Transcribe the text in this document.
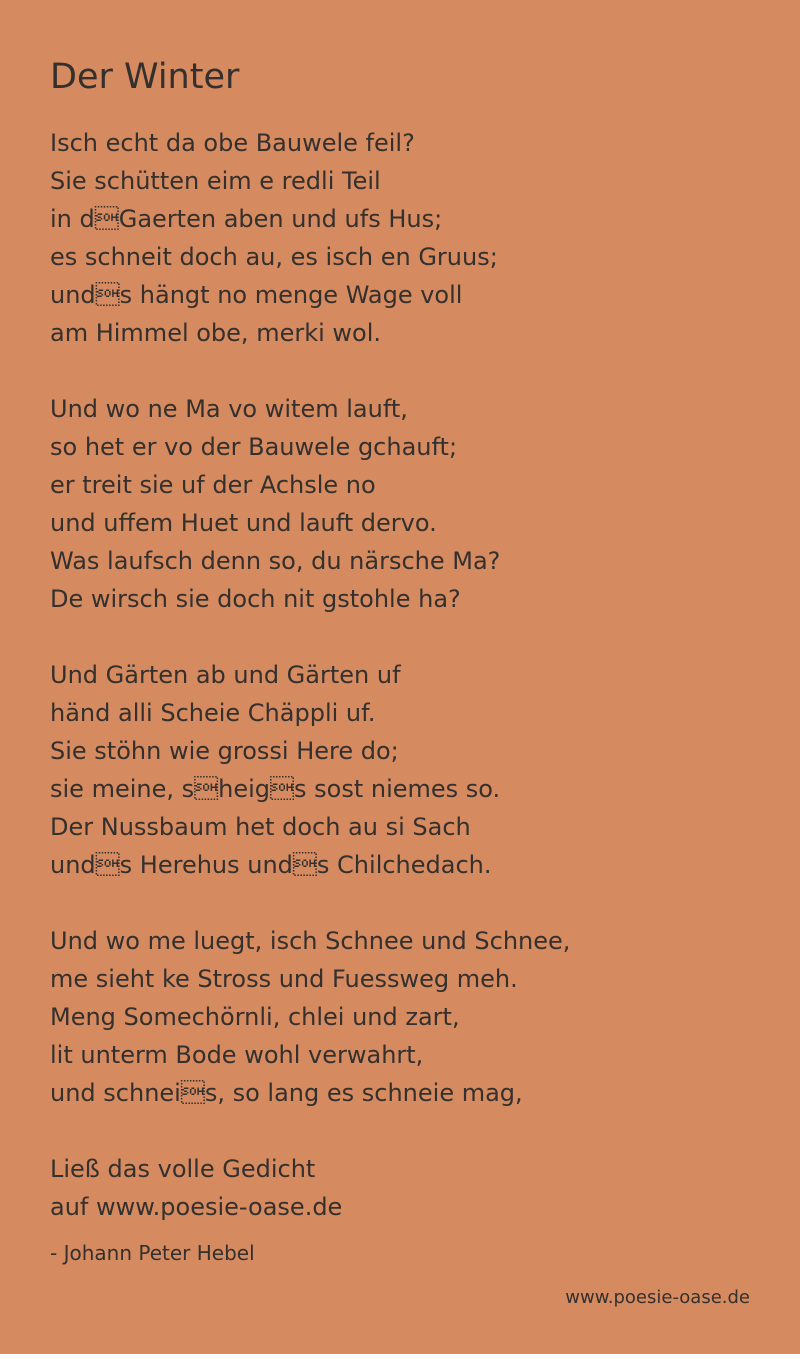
Der Winter
Isch echt da obe Bauwele feil?
Sie schütten eim e redli Teil
in dGaerten aben und ufs Hus;
es schneit doch au, es isch en Gruus;
unds hängt no menge Wage voll
am Himmel obe, merki wol.
Und wo ne Ma vo witem lauft,
so het er vo der Bauwele gchauft;
er treit sie uf der Achsle no
und uffem Huet und lauft dervo.
Was laufsch denn so, du närsche Ma?
De wirsch sie doch nit gstohle ha?
Und Gärten ab und Gärten uf
händ alli Scheie Chäppli uf.
Sie stöhn wie grossi Here do;
sie meine, sheigs sost niemes so.
Der Nussbaum het doch au si Sach
unds Herehus unds Chilchedach.
Und wo me luegt, isch Schnee und Schnee,
me sieht ke Stross und Fuessweg meh.
Meng Somechörnli, chlei und zart,
lit unterm Bode wohl verwahrt,
und schneis, so lang es schneie mag,
Ließ das volle Gedicht
auf www.poesie-oase.de
- Johann Peter Hebel
www.poesie-oase.de
